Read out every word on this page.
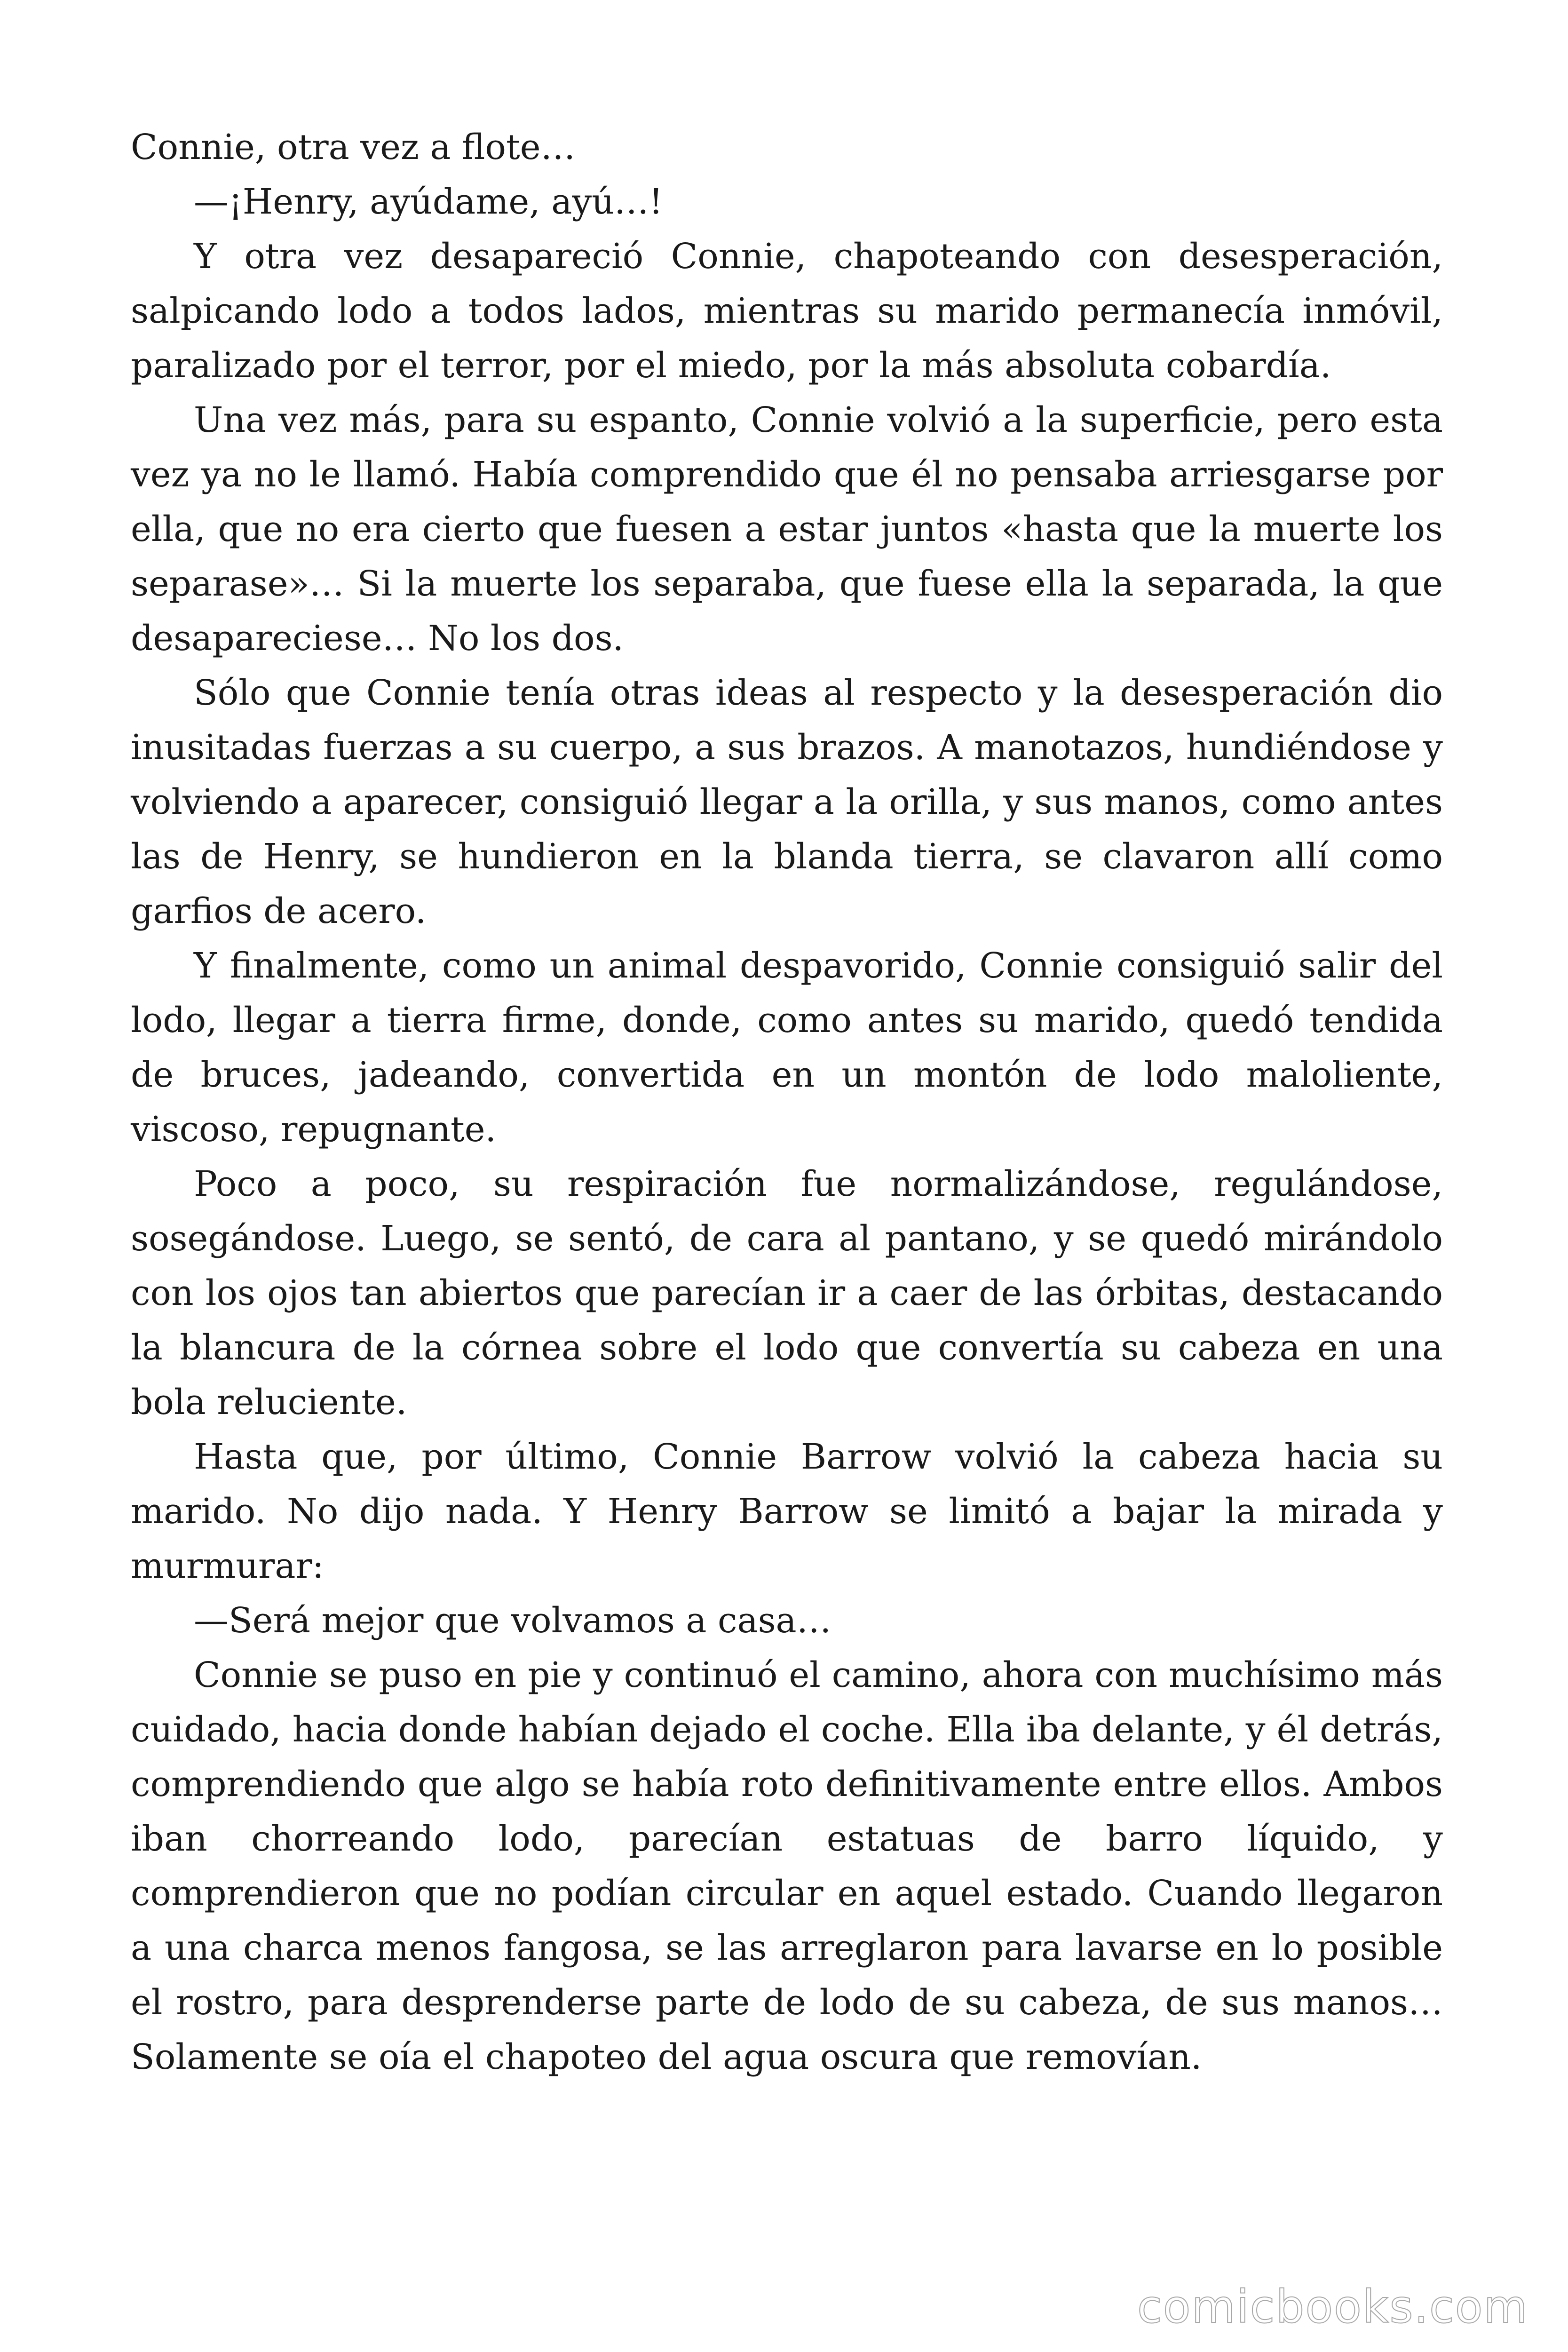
Connie, otra vez a flote…

—¡Henry, ayúdame, ayú…!

Y otra vez desapareció Connie, chapoteando con desesperación, salpicando lodo a todos lados, mientras su marido permanecía inmóvil, paralizado por el terror, por el miedo, por la más absoluta cobardía.

Una vez más, para su espanto, Connie volvió a la superficie, pero esta vez ya no le llamó. Había comprendido que él no pensaba arriesgarse por ella, que no era cierto que fuesen a estar juntos «hasta que la muerte los separase»… Si la muerte los separaba, que fuese ella la separada, la que desapareciese… No los dos.

Sólo que Connie tenía otras ideas al respecto y la desesperación dio inusitadas fuerzas a su cuerpo, a sus brazos. A manotazos, hundiéndose y volviendo a aparecer, consiguió llegar a la orilla, y sus manos, como antes las de Henry, se hundieron en la blanda tierra, se clavaron allí como garfios de acero.

Y finalmente, como un animal despavorido, Connie consiguió salir del lodo, llegar a tierra firme, donde, como antes su marido, quedó tendida de bruces, jadeando, convertida en un montón de lodo maloliente, viscoso, repugnante.

Poco a poco, su respiración fue normalizándose, regulándose, sosegándose. Luego, se sentó, de cara al pantano, y se quedó mirándolo con los ojos tan abiertos que parecían ir a caer de las órbitas, destacando la blancura de la córnea sobre el lodo que convertía su cabeza en una bola reluciente.

Hasta que, por último, Connie Barrow volvió la cabeza hacia su marido. No dijo nada. Y Henry Barrow se limitó a bajar la mirada y murmurar:

—Será mejor que volvamos a casa…

Connie se puso en pie y continuó el camino, ahora con muchísimo más cuidado, hacia donde habían dejado el coche. Ella iba delante, y él detrás, comprendiendo que algo se había roto definitivamente entre ellos. Ambos iban chorreando lodo, parecían estatuas de barro líquido, y comprendieron que no podían circular en aquel estado. Cuando llegaron a una charca menos fangosa, se las arreglaron para lavarse en lo posible el rostro, para desprenderse parte de lodo de su cabeza, de sus manos… Solamente se oía el chapoteo del agua oscura que removían.

comicbooks.com
